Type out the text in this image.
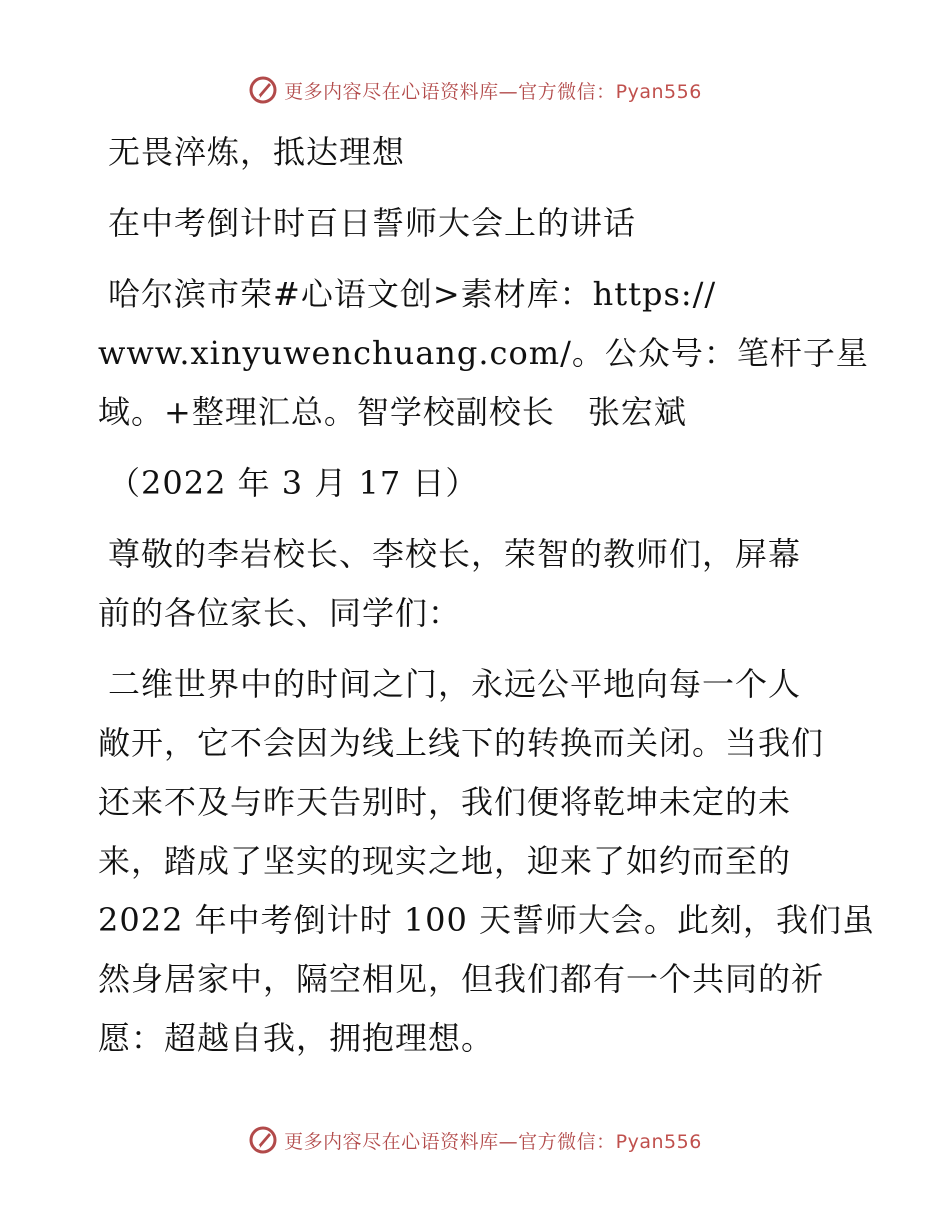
更多内容尽在心语资料库—官方微信：Pyan556
无畏淬炼，抵达理想
在中考倒计时百日誓师大会上的讲话
哈尔滨市荣#心语文创>素材库：https://
www.xinyuwenchuang.com/。公众号：笔杆子星
域。+整理汇总。智学校副校长　张宏斌
（2022 年 3 月 17 日）
尊敬的李岩校长、李校长，荣智的教师们，屏幕
前的各位家长、同学们：
二维世界中的时间之门，永远公平地向每一个人
敞开，它不会因为线上线下的转换而关闭。当我们
还来不及与昨天告别时，我们便将乾坤未定的未
来，踏成了坚实的现实之地，迎来了如约而至的
2022 年中考倒计时 100 天誓师大会。此刻，我们虽
然身居家中，隔空相见，但我们都有一个共同的祈
愿：超越自我，拥抱理想。
更多内容尽在心语资料库—官方微信：Pyan556
